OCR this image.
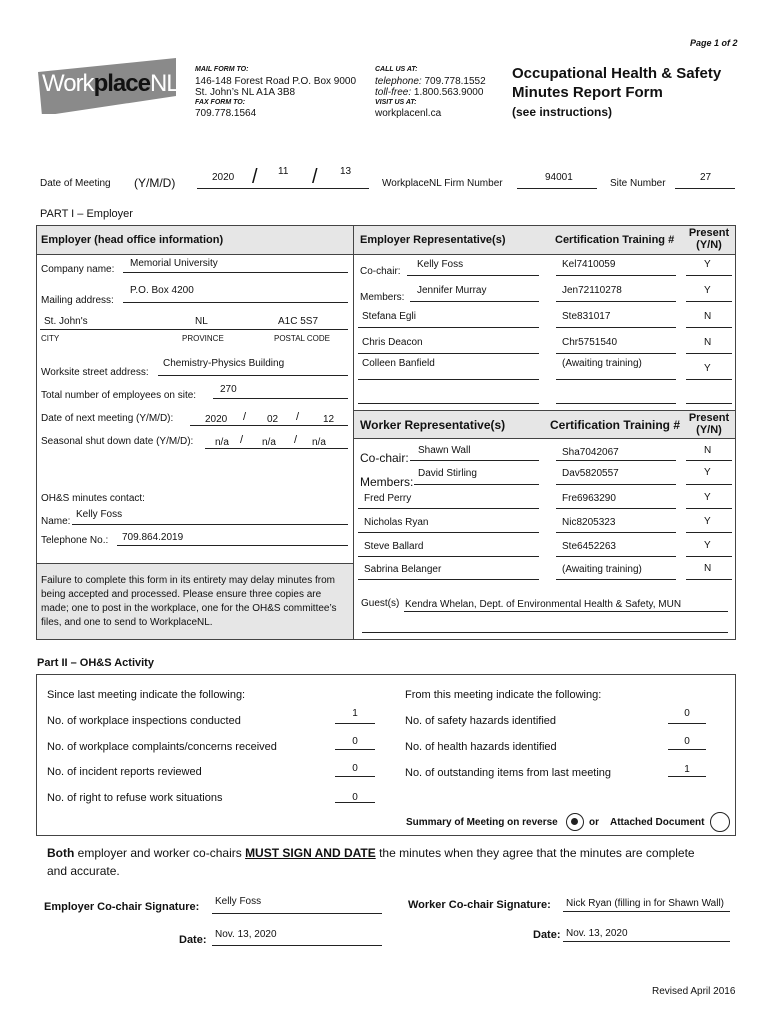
Page 1 of 2
WorkplaceNL
MAIL FORM TO:
146-148 Forest Road P.O. Box 9000
St. John’s NL A1A 3B8
FAX FORM TO:
709.778.1564
CALL US AT:
telephone: 709.778.1552
toll-free: 1.800.563.9000
VISIT US AT:
workplacenl.ca
Occupational Health & Safety
Minutes Report Form
(see instructions)
Date of Meeting (Y/M/D)	2020 / 11 / 13
WorkplaceNL Firm Number
94001
Site Number
27
PART I – Employer
Employer (head office information)
Company name:
Memorial University
Mailing address:
P.O. Box 4200
St. John's	NL	A1C 5S7
CITY	PROVINCE	POSTAL CODE
Worksite street address:
Chemistry-Physics Building
Total number of employees on site:
270
Date of next meeting (Y/M/D):	2020 / 02 / 12
Seasonal shut down date (Y/M/D): n/a / n/a / n/a
OH&S minutes contact:
Name:
Kelly Foss
Telephone No.: 709.864.2019
Failure to complete this form in its entirety may delay minutes from being accepted and processed. Please ensure three copies are made; one to post in the workplace, one for the OH&S committee’s files, and one to send to WorkplaceNL.
Employer Representative(s)	Certification Training #
Present
(Y/N)
Co-chair:
Members:
Kelly Foss	Kel7410059	Y
Jennifer Murray	Jen72110278	Y
Stefana Egli	Ste831017	N
Chris Deacon	Chr5751540	N
Colleen Banfield	(Awaiting training)	Y
Worker Representative(s)	Certification Training # Present
(Y/N)
Co-chair:
Members:
Shawn Wall	Sha7042067	N
David Stirling	Dav5820557	Y
Fred Perry	Fre6963290	Y
Nicholas Ryan	Nic8205323	Y
Steve Ballard	Ste6452263	Y
Sabrina Belanger	(Awaiting training)	N
Guest(s) Kendra Whelan, Dept. of Environmental Health & Safety, MUN
Part II – OH&S Activity
Since last meeting indicate the following:	From this meeting indicate the following:
No. of workplace inspections conducted
1
No. of workplace complaints/concerns received	0
No. of incident reports reviewed	0
No. of right to refuse work situations	0
No. of safety hazards identified
0
No. of health hazards identified	0
No. of outstanding items from last meeting	1
Summary of Meeting on reverse	or Attached Document
Both employer and worker co-chairs MUST SIGN AND DATE the minutes when they agree that the minutes are complete
and accurate.
Employer Co-chair Signature: Kelly Foss
Date: Nov. 13, 2020
Worker Co-chair Signature: Nick Ryan (filling in for Shawn Wall)
Date: Nov. 13, 2020
Revised April 2016
